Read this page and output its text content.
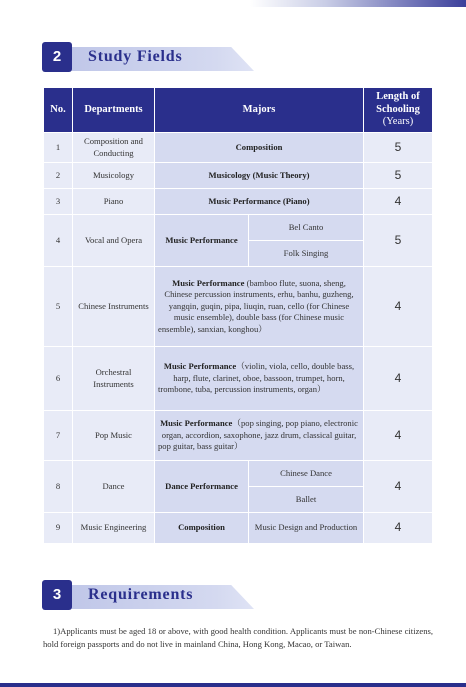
2	Study Fields
No.	Departments	Majors		Length of
Schooling
(Years)

1	Composition and Conducting	Composition		5
2	Musicology	Musicology (Music Theory)		5
3	Piano	Music Performance (Piano)		4
4	Vocal and Opera	Music Performance	Bel Canto	5
			Folk Singing	
5	Chinese Instruments	Music Performance (bamboo flute, suona, sheng, Chinese percussion instruments, erhu, banhu, guzheng, yangqin, guqin, pipa, liuqin, ruan, cello (for Chinese music ensemble), double bass (for Chinese music ensemble), sanxian, konghou）		4
6	Orchestral Instruments	Music Performance（violin, viola, cello, double bass, harp, flute, clarinet, oboe, bassoon, trumpet, horn, trombone, tuba, percussion instruments, organ）		4
7	Pop Music	Music Performance（pop singing, pop piano, electronic organ, accordion, saxophone, jazz drum, classical guitar, pop guitar, bass guitar）		4
8	Dance	Dance Performance	Chinese Dance	4
			Ballet	
9	Music Engineering	Composition	Music Design and Production	4
3	Requirements

1)Applicants must be aged 18 or above, with good health condition. Applicants must be non-Chinese citizens, hold foreign passports and do not live in mainland China, Hong Kong, Macao, or Taiwan.
